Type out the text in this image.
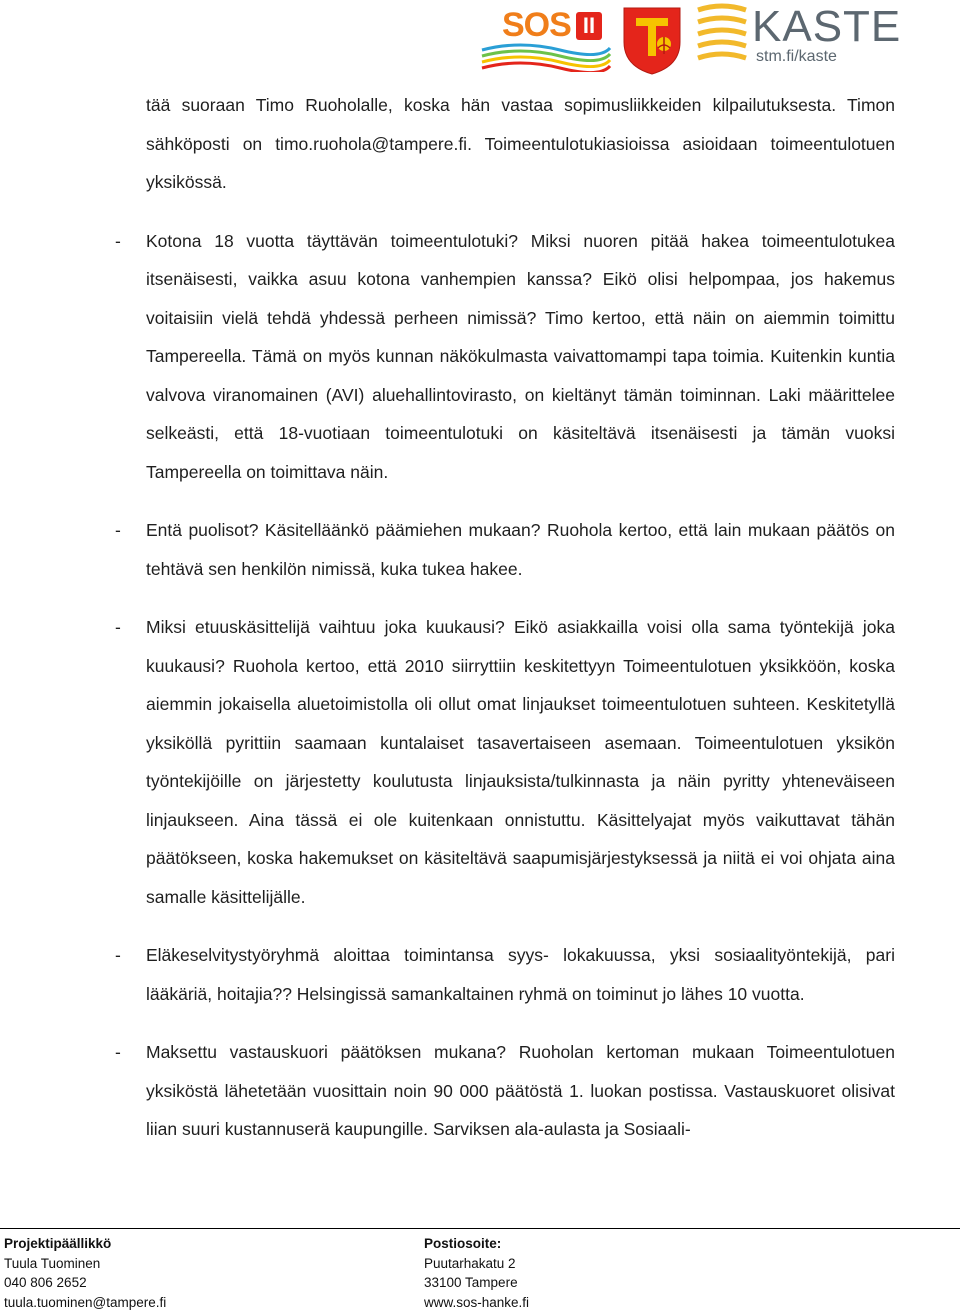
SOS II	KASTE
stm.fi/kaste

tää suoraan Timo Ruoholalle, koska hän vastaa sopimusliikkeiden kilpailutuksesta. Timon sähköposti on timo.ruohola@tampere.fi. Toimeentulotukiasioissa asioidaan toimeentulotuen yksikössä.

- Kotona 18 vuotta täyttävän toimeentulotuki? Miksi nuoren pitää hakea toimeentulotukea itsenäisesti, vaikka asuu kotona vanhempien kanssa? Eikö olisi helpompaa, jos hakemus voitaisiin vielä tehdä yhdessä perheen nimissä? Timo kertoo, että näin on aiemmin toimittu Tampereella. Tämä on myös kunnan näkökulmasta vaivattomampi tapa toimia. Kuitenkin kuntia valvova viranomainen (AVI) aluehallintovirasto, on kieltänyt tämän toiminnan. Laki määrittelee selkeästi, että 18-vuotiaan toimeentulotuki on käsiteltävä itsenäisesti ja tämän vuoksi Tampereella on toimittava näin.

- Entä puolisot? Käsitelläänkö päämiehen mukaan? Ruohola kertoo, että lain mukaan päätös on tehtävä sen henkilön nimissä, kuka tukea hakee.

- Miksi etuuskäsittelijä vaihtuu joka kuukausi? Eikö asiakkailla voisi olla sama työntekijä joka kuukausi? Ruohola kertoo, että 2010 siirryttiin keskitettyyn Toimeentulotuen yksikköön, koska aiemmin jokaisella aluetoimistolla oli ollut omat linjaukset toimeentulotuen suhteen. Keskitetyllä yksiköllä pyrittiin saamaan kuntalaiset tasavertaiseen asemaan. Toimeentulotuen yksikön työntekijöille on järjestetty koulutusta linjauksista/tulkinnasta ja näin pyritty yhteneväiseen linjaukseen. Aina tässä ei ole kuitenkaan onnistuttu. Käsittelyajat myös vaikuttavat tähän päätökseen, koska hakemukset on käsiteltävä saapumisjärjestyksessä ja niitä ei voi ohjata aina samalle käsittelijälle.

- Eläkeselvitystyöryhmä aloittaa toimintansa syys- lokakuussa, yksi sosiaalityöntekijä, pari lääkäriä, hoitajia?? Helsingissä samankaltainen ryhmä on toiminut jo lähes 10 vuotta.

- Maksettu vastauskuori päätöksen mukana? Ruoholan kertoman mukaan Toimeentulotuen yksiköstä lähetetään vuosittain noin 90 000 päätöstä 1. luokan postissa. Vastauskuoret olisivat liian suuri kustannuserä kaupungille. Sarviksen ala-aulasta ja Sosiaali-

Projektipäällikkö
Tuula Tuominen
040 806 2652
tuula.tuominen@tampere.fi
Postiosoite:
Puutarhakatu 2
33100 Tampere
www.sos-hanke.fi
